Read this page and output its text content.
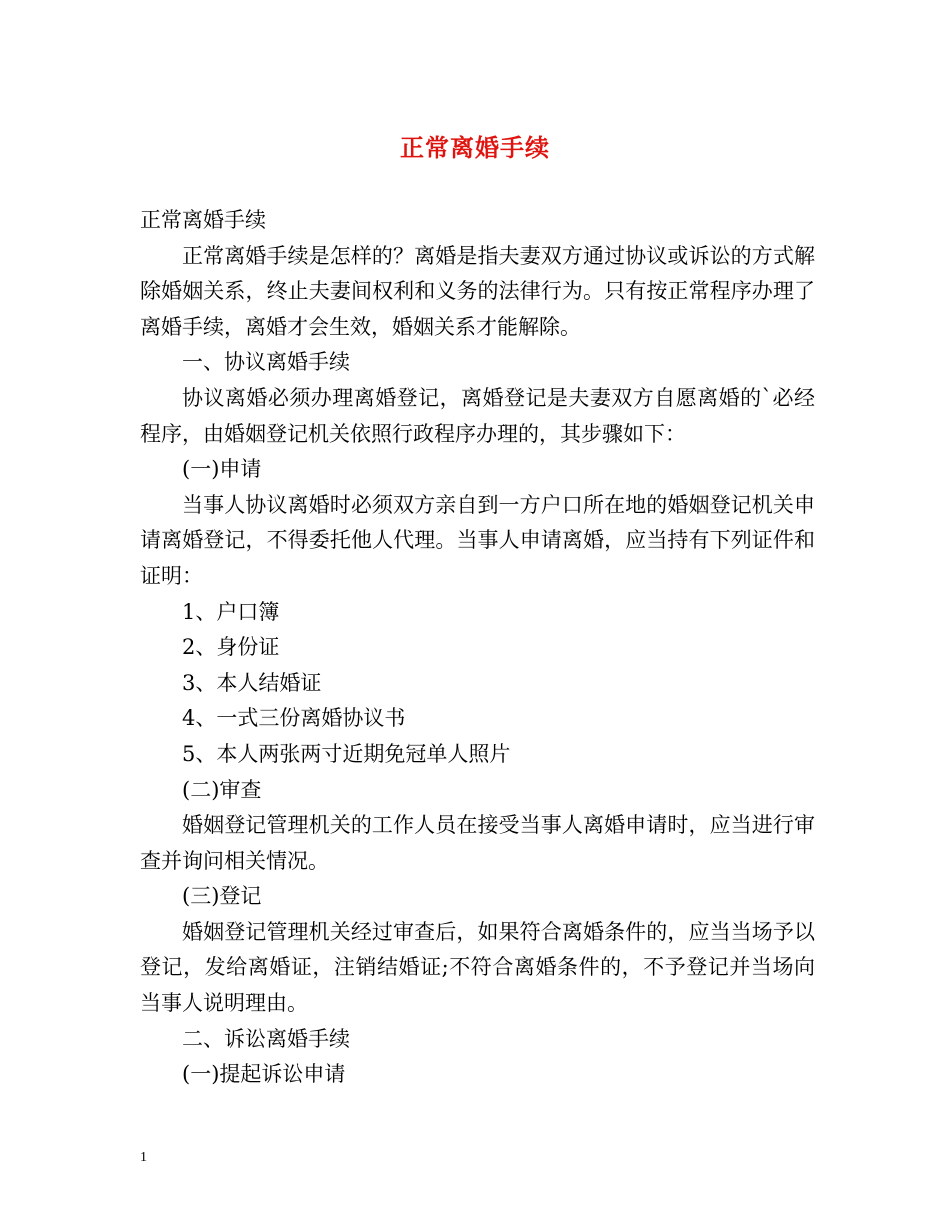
正常离婚手续

正常离婚手续

正常离婚手续是怎样的？离婚是指夫妻双方通过协议或诉讼的方式解除婚姻关系，终止夫妻间权利和义务的法律行为。只有按正常程序办理了离婚手续，离婚才会生效，婚姻关系才能解除。

一、协议离婚手续

协议离婚必须办理离婚登记，离婚登记是夫妻双方自愿离婚的`必经程序，由婚姻登记机关依照行政程序办理的，其步骤如下：

(一)申请

当事人协议离婚时必须双方亲自到一方户口所在地的婚姻登记机关申请离婚登记，不得委托他人代理。当事人申请离婚，应当持有下列证件和证明：

1、户口簿

2、身份证

3、本人结婚证

4、一式三份离婚协议书

5、本人两张两寸近期免冠单人照片

(二)审查

婚姻登记管理机关的工作人员在接受当事人离婚申请时，应当进行审查并询问相关情况。

(三)登记

婚姻登记管理机关经过审查后，如果符合离婚条件的，应当当场予以登记，发给离婚证，注销结婚证;不符合离婚条件的，不予登记并当场向当事人说明理由。

二、诉讼离婚手续

(一)提起诉讼申请

1
